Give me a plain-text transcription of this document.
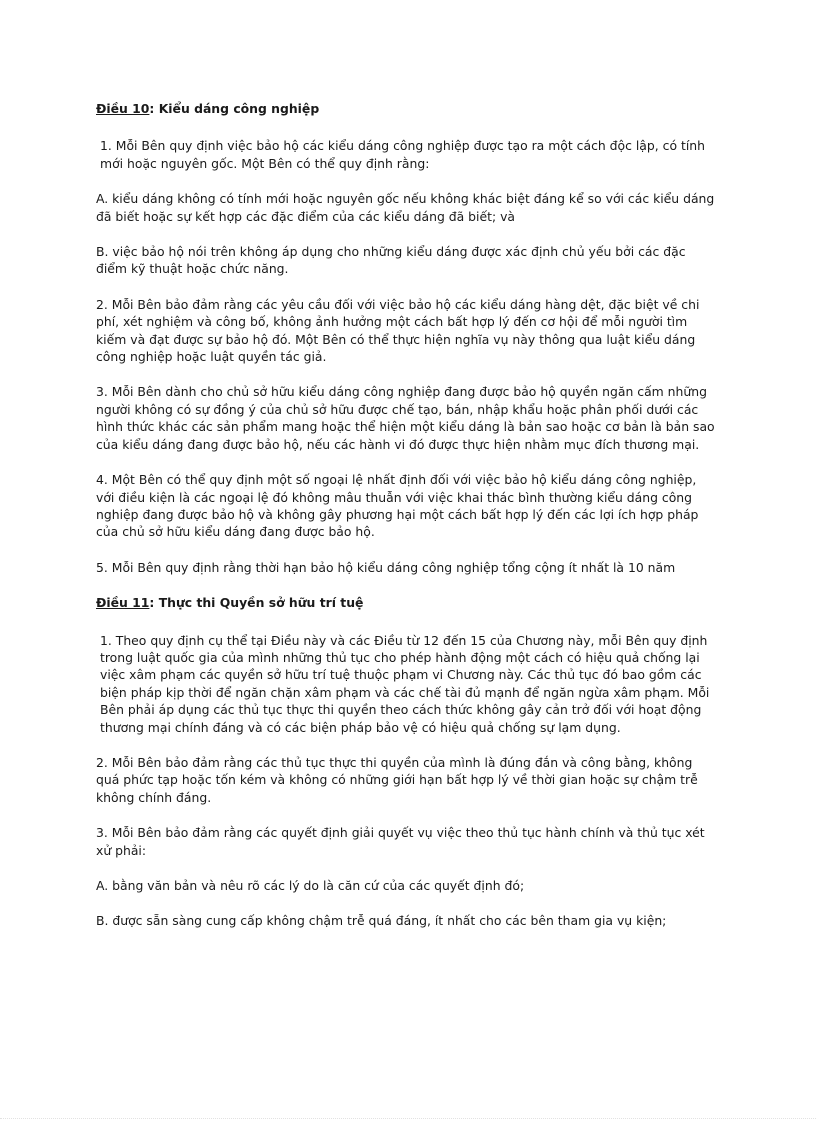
Điều 10: Kiểu dáng công nghiệp

1. Mỗi Bên quy định việc bảo hộ các kiểu dáng công nghiệp được tạo ra một cách độc lập, có tính mới hoặc nguyên gốc. Một Bên có thể quy định rằng:

A. kiểu dáng không có tính mới hoặc nguyên gốc nếu không khác biệt đáng kể so với các kiểu dáng đã biết hoặc sự kết hợp các đặc điểm của các kiểu dáng đã biết; và

B. việc bảo hộ nói trên không áp dụng cho những kiểu dáng được xác định chủ yếu bởi các đặc điểm kỹ thuật hoặc chức năng.

2. Mỗi Bên bảo đảm rằng các yêu cầu đối với việc bảo hộ các kiểu dáng hàng dệt, đặc biệt về chi phí, xét nghiệm và công bố, không ảnh hưởng một cách bất hợp lý đến cơ hội để mỗi người tìm kiếm và đạt được sự bảo hộ đó. Một Bên có thể thực hiện nghĩa vụ này thông qua luật kiểu dáng công nghiệp hoặc luật quyền tác giả.

3. Mỗi Bên dành cho chủ sở hữu kiểu dáng công nghiệp đang được bảo hộ quyền ngăn cấm những người không có sự đồng ý của chủ sở hữu được chế tạo, bán, nhập khẩu hoặc phân phối dưới các hình thức khác các sản phẩm mang hoặc thể hiện một kiểu dáng là bản sao hoặc cơ bản là bản sao của kiểu dáng đang được bảo hộ, nếu các hành vi đó được thực hiện nhằm mục đích thương mại.

4. Một Bên có thể quy định một số ngoại lệ nhất định đối với việc bảo hộ kiểu dáng công nghiệp, với điều kiện là các ngoại lệ đó không mâu thuẫn với việc khai thác bình thường kiểu dáng công nghiệp đang được bảo hộ và không gây phương hại một cách bất hợp lý đến các lợi ích hợp pháp của chủ sở hữu kiểu dáng đang được bảo hộ.

5. Mỗi Bên quy định rằng thời hạn bảo hộ kiểu dáng công nghiệp tổng cộng ít nhất là 10 năm

Điều 11: Thực thi Quyền sở hữu trí tuệ

1. Theo quy định cụ thể tại Điều này và các Điều từ 12 đến 15 của Chương này, mỗi Bên quy định trong luật quốc gia của mình những thủ tục cho phép hành động một cách có hiệu quả chống lại việc xâm phạm các quyền sở hữu trí tuệ thuộc phạm vi Chương này. Các thủ tục đó bao gồm các biện pháp kịp thời để ngăn chặn xâm phạm và các chế tài đủ mạnh để ngăn ngừa xâm phạm. Mỗi Bên phải áp dụng các thủ tục thực thi quyền theo cách thức không gây cản trở đối với hoạt động thương mại chính đáng và có các biện pháp bảo vệ có hiệu quả chống sự lạm dụng.

2. Mỗi Bên bảo đảm rằng các thủ tục thực thi quyền của mình là đúng đắn và công bằng, không quá phức tạp hoặc tốn kém và không có những giới hạn bất hợp lý về thời gian hoặc sự chậm trễ không chính đáng.

3. Mỗi Bên bảo đảm rằng các quyết định giải quyết vụ việc theo thủ tục hành chính và thủ tục xét xử phải:

A. bằng văn bản và nêu rõ các lý do là căn cứ của các quyết định đó;

B. được sẵn sàng cung cấp không chậm trễ quá đáng, ít nhất cho các bên tham gia vụ kiện;
